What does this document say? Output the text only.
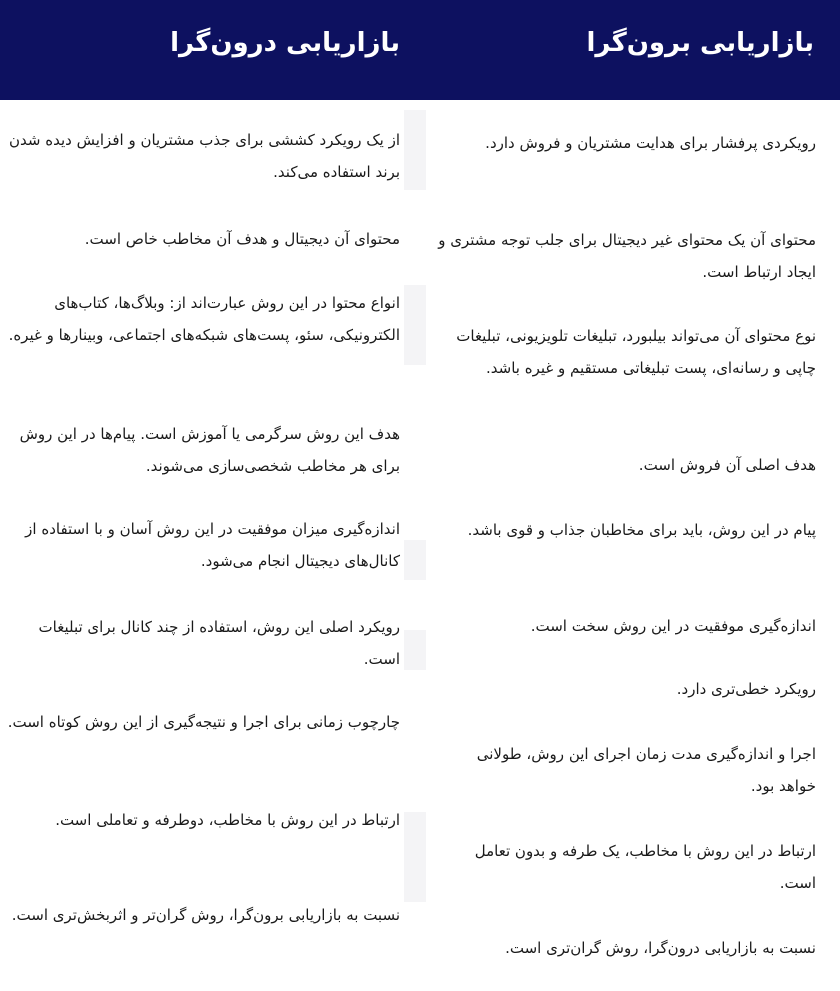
بازاریابی برون‌گرا
بازاریابی درون‌گرا
از یک رویکرد کششی برای جذب مشتریان و افزایش دیده شدن برند استفاده می‌کند.
محتوای آن دیجیتال و هدف آن مخاطب خاص است.
انواع محتوا در این روش عبارت‌اند از: وبلاگ‌ها، کتاب‌های الکترونیکی، سئو، پست‌های شبکه‌های اجتماعی، وبینارها و غیره.
هدف این روش سرگرمی یا آموزش است. پیام‌ها در این روش برای هر مخاطب شخصی‌سازی می‌شوند.
اندازه‌گیری میزان موفقیت در این روش آسان و با استفاده از کانال‌های دیجیتال انجام می‌شود.
رویکرد اصلی این روش، استفاده از چند کانال برای تبلیغات است.
چارچوب زمانی برای اجرا و نتیجه‌گیری از این روش کوتاه است.
ارتباط در این روش با مخاطب، دوطرفه و تعاملی است.
نسبت به بازاریابی برون‌گرا، روش گران‌تر و اثربخش‌تری است.
رویکردی پرفشار برای هدایت مشتریان و فروش دارد.
محتوای آن یک محتوای غیر دیجیتال برای جلب توجه مشتری و ایجاد ارتباط است.
نوع محتوای آن می‌تواند بیلبورد، تبلیغات تلویزیونی، تبلیغات چاپی و رسانه‌ای، پست تبلیغاتی مستقیم و غیره باشد.
هدف اصلی آن فروش است.
پیام در این روش، باید برای مخاطبان جذاب و قوی باشد.
اندازه‌گیری موفقیت در این روش سخت است.
رویکرد خطی‌تری دارد.
اجرا و اندازه‌گیری مدت زمان اجرای این روش، طولانی خواهد بود.
ارتباط در این روش با مخاطب، یک طرفه و بدون تعامل است.
نسبت به بازاریابی درون‌گرا، روش گران‌تری است.
